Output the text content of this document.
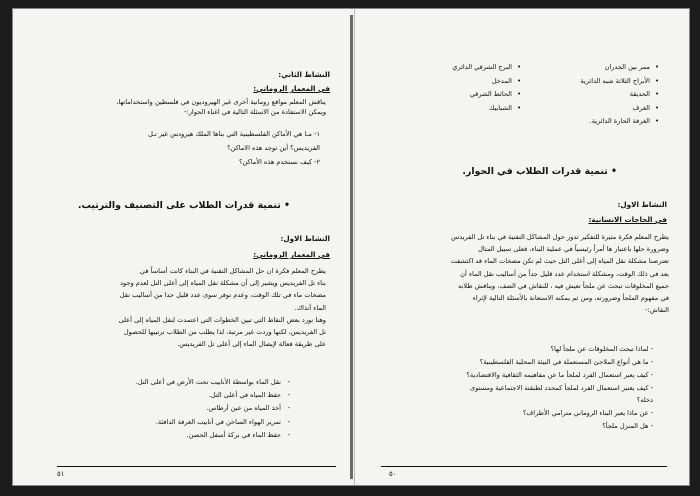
النشاط الثاني:
في المعمار الروماني:

يناقش المعلم مواقع رومانية أخرى غير الهيروديون في فلسطين واستخداماتها،

ويمكن الاستفادة من الاسئلة التالية في اغناء الحوار:-

١- مـا هي الأماكن الفلسطينية التي بناها الملك هيرودس غير تـل

الفريديس؟ أين توجد هذه الاماكن؟

٢- كيف نستخدم هذه الأماكن؟

• تنمية قدرات الطلاب على التصنيف والترتيب.
النشاط الاول:
في المعمار الروماني:

يطرح المعلم فكرة ان حل المشاكل التقنية في البناء كانت أساساً في

بناء تل الفريديس ويشير إلى أن مشكلة نقل المياه إلى أعلى التل لعدم وجود

مضخات ماء في تلك الوقت، وعدم توفر سوى عدد قليل جدا من أساليب نقل

الماء آنذاك.

وهنا نورد بعض النقاط التي تبين الخطوات التي اعتمدت لنقل المياه إلى أعلى

تل الفريديس، لكنها وردت غير مرتبة، لذا يطلب من الطلاب ترتيبها للحصول

على طريقة فعالة لإيصال الماء إلى أعلى تل الفريديس.

- نقل الماء بواسطة الأنابيب تحت الأرض في أعلى التل.
- حفظ المياه في أعلى التل.
- أخذ المياه من عين أرطاس.
- تمرير الهواء الساخن في أنابيب الغرفة الدافئة.
- حفظ الماء في بركة أسفل الحصن.
٥١
• ممر بين الجدران
• الأبراج الثلاثة شبه الدائرية
• الحديقة
• الغرف
• الغرفة الحارة الدائرية.
• البرج الشرقي الدائري
• المدخل
• الحائط الشرقي
• الشبابيك
• تنمية قدرات الطلاب في الحوار.
النشاط الاول:
في الحاجات الانسانية:

يطرح المعلم فكرة مثيرة للتفكير تدور حول المشاكل التقنية في بناء تل الفريدس

وضرورة حلها باعتبار ها أمراً رئيسياً في عملية البناء، فعلى سبيل المثال

تعترضنا مشكلة نقل المياه إلى أعلى التل حيث لم تكن مضخات الماء قد اكتشفت

بعد في ذلك الوقت، ومشكلة استخدام عدد قليل جداً من أساليب نقل الماء أن

جميع المخلوقات تبحث عن ملجأ تعيش فيه ، للنقاش في الصف، ويناقش طلابه

في مفهوم الملجأ وضرورته، ومن ثم يمكنه الاستعانة بالأسئلة التالية لإثراء

النقاش:-

- لماذا تبحث المخلوقات عن ملجأ لها؟

- ما هي أنواع الملاجئ المستعملة في البيئة المحلية الفلسطينية؟

- كيف يعبر استعمال الفرد لملجأ ما عن مفاهيمه الثقافية والاقتصادية؟

- كيف يعتبر استعمال الفرد لملجأ كمحدد لطبقته الاجتماعية ومستوى

دخله؟

- عن ماذا يعبر البناء الروماني مترامي الأطراف؟

- هل المنزل ملجأ؟

٥٠
